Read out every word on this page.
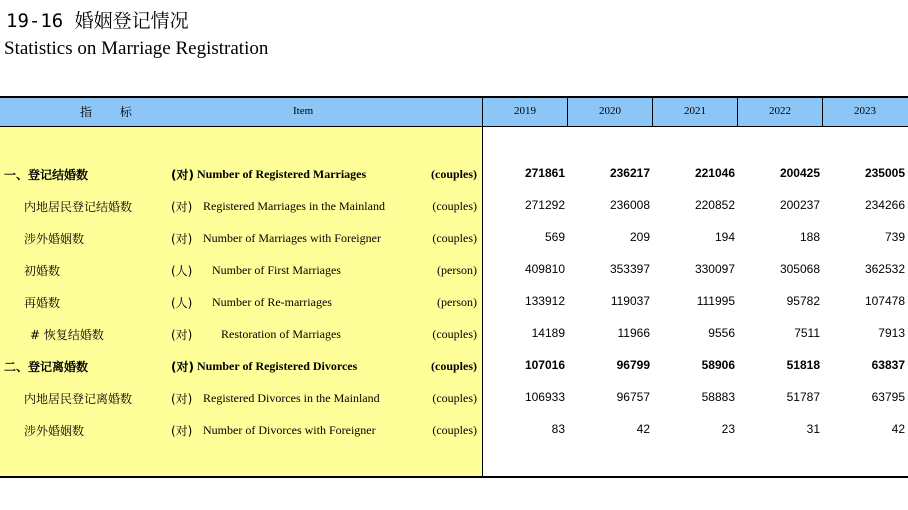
19-16 婚姻登记情况
Statistics on Marriage Registration
指 标	Item	2019	2020	2021	2022	2023
一、登记结婚数	(对) Number of Registered Marriages	(couples)	271861	236217	221046	200425	235005
内地居民登记结婚数	(对) Registered Marriages in the Mainland	(couples)	271292	236008	220852	200237	234266
涉外婚姻数	(对) Number of Marriages with Foreigner	(couples)	569	209	194	188	739
初婚数	(人) Number of First Marriages	(person)	409810	353397	330097	305068	362532
再婚数	(人) Number of Re-marriages	(person)	133912	119037	111995	95782	107478
# 恢复结婚数	(对) Restoration of Marriages	(couples)	14189	11966	9556	7511	7913
二、登记离婚数	(对) Number of Registered Divorces	(couples)	107016	96799	58906	51818	63837
内地居民登记离婚数	(对) Registered Divorces in the Mainland	(couples)	106933	96757	58883	51787	63795
涉外婚姻数	(对) Number of Divorces with Foreigner	(couples)	83	42	23	31	42
